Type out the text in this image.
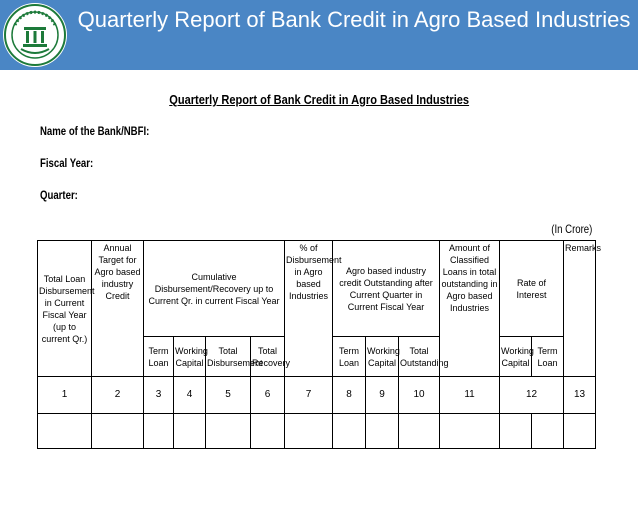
Quarterly Report of Bank Credit in Agro Based Industries
Quarterly Report of Bank Credit in Agro Based Industries
Name of the Bank/NBFI:
Fiscal Year:
Quarter:
(In Crore)
Total Loan Disbursement in Current Fiscal Year (up to current Qr.)	Annual Target for Agro based industry Credit	Cumulative Disbursement/Recovery up to Current Qr. in current Fiscal Year				% of Disbursement in Agro based Industries	Agro based industry credit Outstanding after Current Quarter in Current Fiscal Year			Amount of Classified Loans in total outstanding in Agro based Industries	Rate of Interest		Remarks
		Term Loan	Working Capital	Total Disbursement	Total Recovery		Term Loan	Working Capital	Total Outstanding		Working Capital	Term Loan	
1	2	3	4	5	6	7	8	9	10	11	12		13
